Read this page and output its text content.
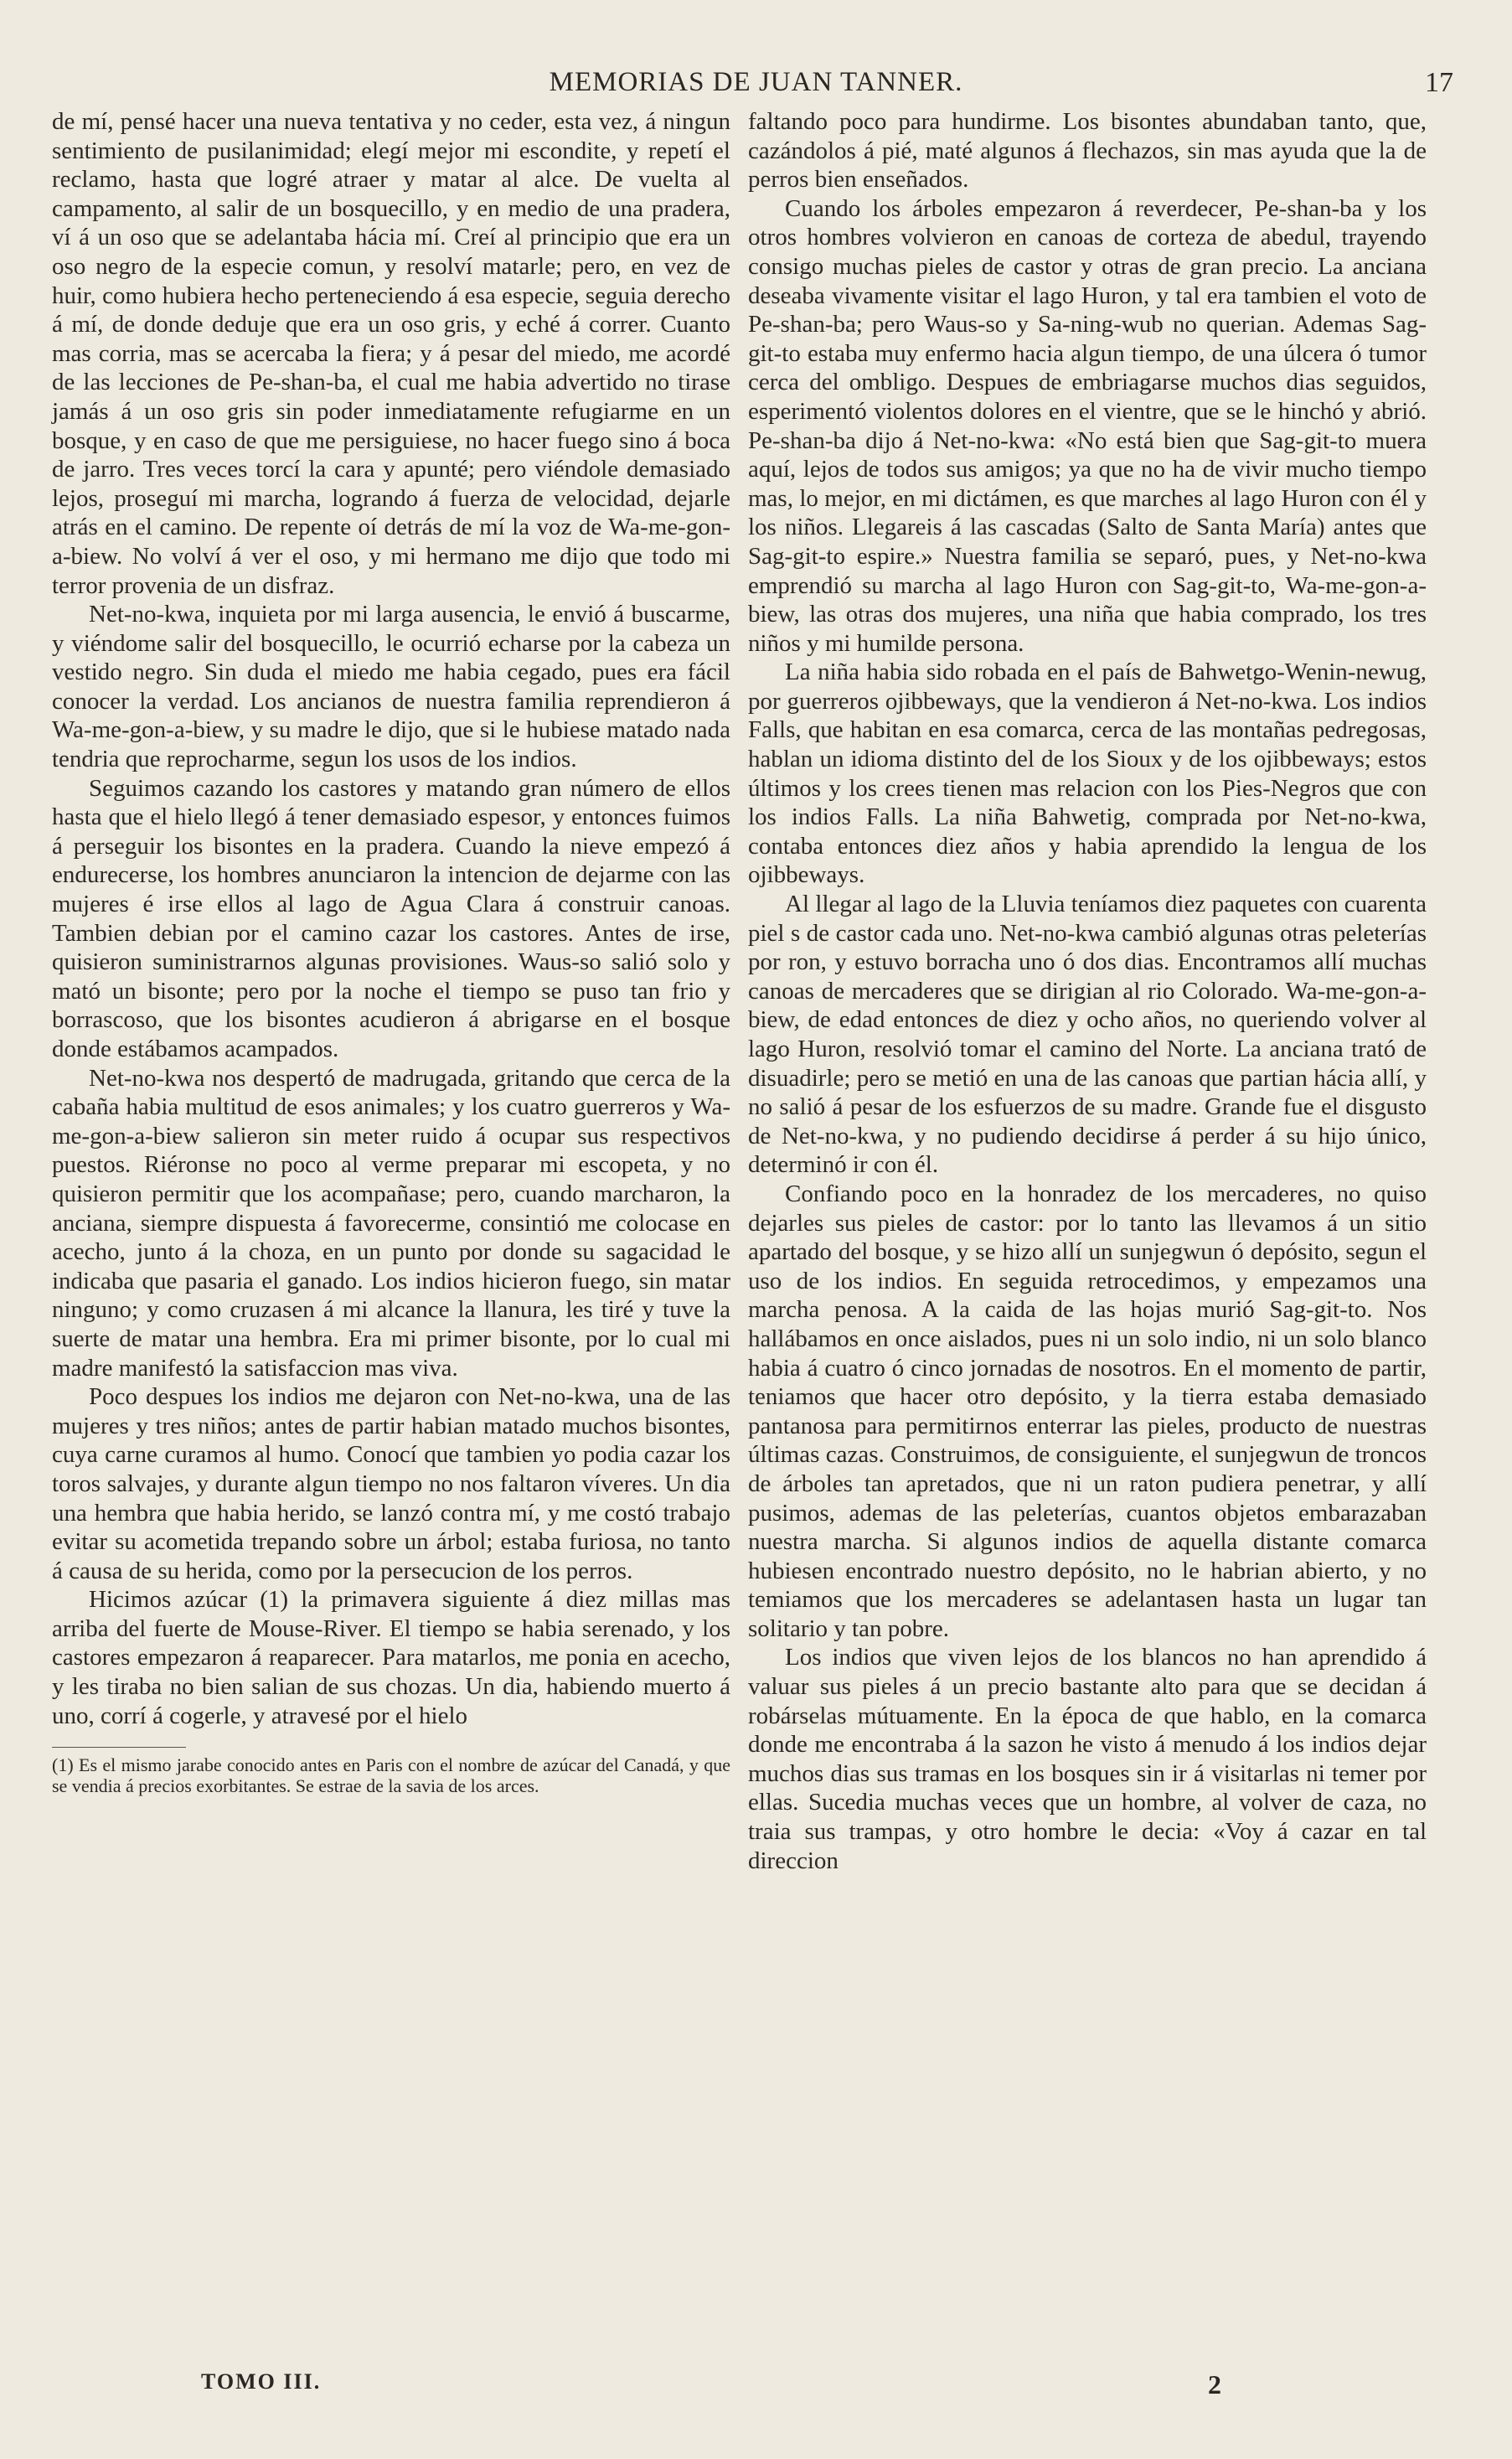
MEMORIAS DE JUAN TANNER.	17

de mí, pensé hacer una nueva tentativa y no ceder, esta vez, á ningun sentimiento de pusilanimidad; elegí mejor mi escondite, y repetí el reclamo, hasta que logré atraer y matar al alce. De vuelta al campamento, al salir de un bosquecillo, y en medio de una pradera, ví á un oso que se adelantaba hácia mí. Creí al principio que era un oso negro de la especie comun, y resolví matarle; pero, en vez de huir, como hubiera hecho perteneciendo á esa especie, seguia derecho á mí, de donde deduje que era un oso gris, y eché á correr. Cuanto mas corria, mas se acercaba la fiera; y á pesar del miedo, me acordé de las lecciones de Pe-shan-ba, el cual me habia advertido no tirase jamás á un oso gris sin poder inmediatamente refugiarme en un bosque, y en caso de que me persiguiese, no hacer fuego sino á boca de jarro. Tres veces torcí la cara y apunté; pero viéndole demasiado lejos, proseguí mi marcha, logrando á fuerza de velocidad, dejarle atrás en el camino. De repente oí detrás de mí la voz de Wa-me-gon-a-biew. No volví á ver el oso, y mi hermano me dijo que todo mi terror provenia de un disfraz.

Net-no-kwa, inquieta por mi larga ausencia, le envió á buscarme, y viéndome salir del bosquecillo, le ocurrió echarse por la cabeza un vestido negro. Sin duda el miedo me habia cegado, pues era fácil conocer la verdad. Los ancianos de nuestra familia reprendieron á Wa-me-gon-a-biew, y su madre le dijo, que si le hubiese matado nada tendria que reprocharme, segun los usos de los indios.

Seguimos cazando los castores y matando gran número de ellos hasta que el hielo llegó á tener demasiado espesor, y entonces fuimos á perseguir los bisontes en la pradera. Cuando la nieve empezó á endurecerse, los hombres anunciaron la intencion de dejarme con las mujeres é irse ellos al lago de Agua Clara á construir canoas. Tambien debian por el camino cazar los castores. Antes de irse, quisieron suministrarnos algunas provisiones. Waus-so salió solo y mató un bisonte; pero por la noche el tiempo se puso tan frio y borrascoso, que los bisontes acudieron á abrigarse en el bosque donde estábamos acampados.

Net-no-kwa nos despertó de madrugada, gritando que cerca de la cabaña habia multitud de esos animales; y los cuatro guerreros y Wa-me-gon-a-biew salieron sin meter ruido á ocupar sus respectivos puestos. Riéronse no poco al verme preparar mi escopeta, y no quisieron permitir que los acompañase; pero, cuando marcharon, la anciana, siempre dispuesta á favorecerme, consintió me colocase en acecho, junto á la choza, en un punto por donde su sagacidad le indicaba que pasaria el ganado. Los indios hicieron fuego, sin matar ninguno; y como cruzasen á mi alcance la llanura, les tiré y tuve la suerte de matar una hembra. Era mi primer bisonte, por lo cual mi madre manifestó la satisfaccion mas viva.

Poco despues los indios me dejaron con Net-no-kwa, una de las mujeres y tres niños; antes de partir habian matado muchos bisontes, cuya carne curamos al humo. Conocí que tambien yo podia cazar los toros salvajes, y durante algun tiempo no nos faltaron víveres. Un dia una hembra que habia herido, se lanzó contra mí, y me costó trabajo evitar su acometida trepando sobre un árbol; estaba furiosa, no tanto á causa de su herida, como por la persecucion de los perros.

Hicimos azúcar (1) la primavera siguiente á diez millas mas arriba del fuerte de Mouse-River. El tiempo se habia serenado, y los castores empezaron á reaparecer. Para matarlos, me ponia en acecho, y les tiraba no bien salian de sus chozas. Un dia, habiendo muerto á uno, corrí á cogerle, y atravesé por el hielo

(1) Es el mismo jarabe conocido antes en Paris con el nombre de azúcar del Canadá, y que se vendia á precios exorbitantes. Se estrae de la savia de los arces.

faltando poco para hundirme. Los bisontes abundaban tanto, que, cazándolos á pié, maté algunos á flechazos, sin mas ayuda que la de perros bien enseñados.

Cuando los árboles empezaron á reverdecer, Pe-shan-ba y los otros hombres volvieron en canoas de corteza de abedul, trayendo consigo muchas pieles de castor y otras de gran precio. La anciana deseaba vivamente visitar el lago Huron, y tal era tambien el voto de Pe-shan-ba; pero Waus-so y Sa-ning-wub no querian. Ademas Sag-git-to estaba muy enfermo hacia algun tiempo, de una úlcera ó tumor cerca del ombligo. Despues de embriagarse muchos dias seguidos, esperimentó violentos dolores en el vientre, que se le hinchó y abrió. Pe-shan-ba dijo á Net-no-kwa: «No está bien que Sag-git-to muera aquí, lejos de todos sus amigos; ya que no ha de vivir mucho tiempo mas, lo mejor, en mi dictámen, es que marches al lago Huron con él y los niños. Llegareis á las cascadas (Salto de Santa María) antes que Sag-git-to espire.» Nuestra familia se separó, pues, y Net-no-kwa emprendió su marcha al lago Huron con Sag-git-to, Wa-me-gon-a-biew, las otras dos mujeres, una niña que habia comprado, los tres niños y mi humilde persona.

La niña habia sido robada en el país de Bahwetgo-Wenin-newug, por guerreros ojibbeways, que la vendieron á Net-no-kwa. Los indios Falls, que habitan en esa comarca, cerca de las montañas pedregosas, hablan un idioma distinto del de los Sioux y de los ojibbeways; estos últimos y los crees tienen mas relacion con los Pies-Negros que con los indios Falls. La niña Bahwetig, comprada por Net-no-kwa, contaba entonces diez años y habia aprendido la lengua de los ojibbeways.

Al llegar al lago de la Lluvia teníamos diez paquetes con cuarenta piel s de castor cada uno. Net-no-kwa cambió algunas otras peleterías por ron, y estuvo borracha uno ó dos dias. Encontramos allí muchas canoas de mercaderes que se dirigian al rio Colorado. Wa-me-gon-a-biew, de edad entonces de diez y ocho años, no queriendo volver al lago Huron, resolvió tomar el camino del Norte. La anciana trató de disuadirle; pero se metió en una de las canoas que partian hácia allí, y no salió á pesar de los esfuerzos de su madre. Grande fue el disgusto de Net-no-kwa, y no pudiendo decidirse á perder á su hijo único, determinó ir con él.

Confiando poco en la honradez de los mercaderes, no quiso dejarles sus pieles de castor: por lo tanto las llevamos á un sitio apartado del bosque, y se hizo allí un sunjegwun ó depósito, segun el uso de los indios. En seguida retrocedimos, y empezamos una marcha penosa. A la caida de las hojas murió Sag-git-to. Nos hallábamos en once aislados, pues ni un solo indio, ni un solo blanco habia á cuatro ó cinco jornadas de nosotros. En el momento de partir, teniamos que hacer otro depósito, y la tierra estaba demasiado pantanosa para permitirnos enterrar las pieles, producto de nuestras últimas cazas. Construimos, de consiguiente, el sunjegwun de troncos de árboles tan apretados, que ni un raton pudiera penetrar, y allí pusimos, ademas de las peleterías, cuantos objetos embarazaban nuestra marcha. Si algunos indios de aquella distante comarca hubiesen encontrado nuestro depósito, no le habrian abierto, y no temiamos que los mercaderes se adelantasen hasta un lugar tan solitario y tan pobre.

Los indios que viven lejos de los blancos no han aprendido á valuar sus pieles á un precio bastante alto para que se decidan á robárselas mútuamente. En la época de que hablo, en la comarca donde me encontraba á la sazon he visto á menudo á los indios dejar muchos dias sus tramas en los bosques sin ir á visitarlas ni temer por ellas. Sucedia muchas veces que un hombre, al volver de caza, no traia sus trampas, y otro hombre le decia: «Voy á cazar en tal direccion

TOMO III.	2
